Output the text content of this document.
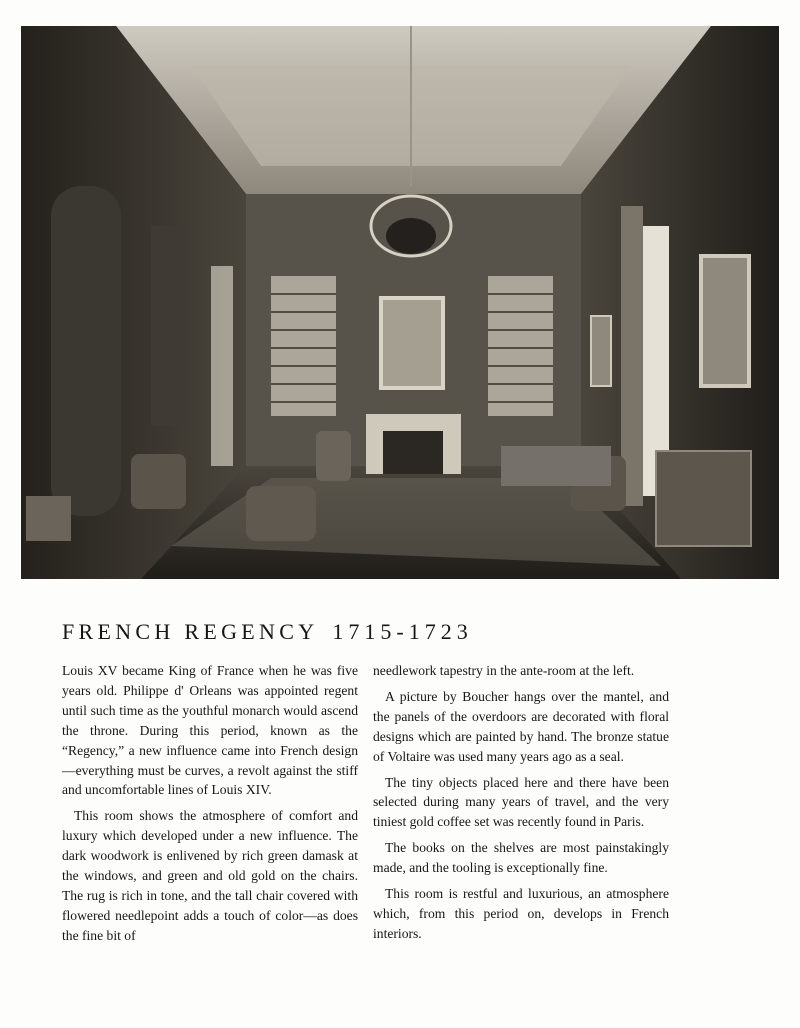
FRENCH REGENCY 1715-1723

Louis XV became King of France when he was five years old. Philippe d' Orleans was appointed regent until such time as the youthful monarch would ascend the throne. During this period, known as the “Regency,” a new influence came into French design—everything must be curves, a revolt against the stiff and uncomfortable lines of Louis XIV.

This room shows the atmosphere of comfort and luxury which developed under a new influence. The dark woodwork is enlivened by rich green damask at the windows, and green and old gold on the chairs. The rug is rich in tone, and the tall chair covered with flowered needlepoint adds a touch of color—as does the fine bit of

needlework tapestry in the ante-room at the left.

A picture by Boucher hangs over the mantel, and the panels of the overdoors are decorated with floral designs which are painted by hand. The bronze statue of Voltaire was used many years ago as a seal.

The tiny objects placed here and there have been selected during many years of travel, and the very tiniest gold coffee set was recently found in Paris.

The books on the shelves are most painstakingly made, and the tooling is exceptionally fine.

This room is restful and luxurious, an atmosphere which, from this period on, develops in French interiors.
